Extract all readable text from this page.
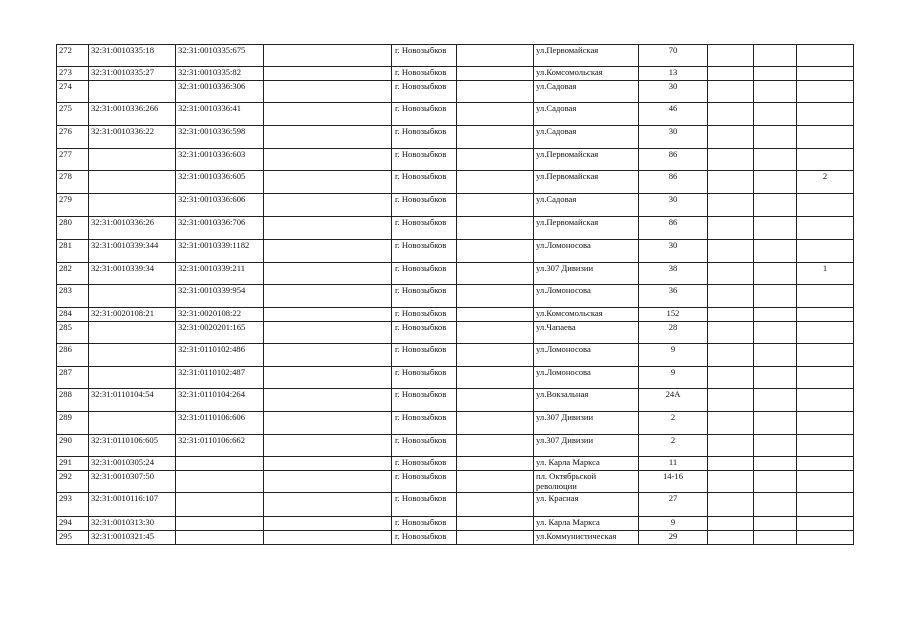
272	32:31:0010335:18	32:31:0010335:675		г. Новозыбков		ул.Первомайская	70			
273	32:31:0010335:27	32:31:0010335:82		г. Новозыбков		ул.Комсомольская	13			
274		32:31:0010336:306		г. Новозыбков		ул.Садовая	30			
275	32:31:0010336:266	32:31:0010336:41		г. Новозыбков		ул.Садовая	46			
276	32:31:0010336:22	32:31:0010336:598		г. Новозыбков		ул.Садовая	30			
277		32:31:0010336:603		г. Новозыбков		ул.Первомайская	86			
278		32:31:0010336:605		г. Новозыбков		ул.Первомайская	86			2
279		32:31:0010336:606		г. Новозыбков		ул.Садовая	30			
280	32:31:0010336:26	32:31:0010336:706		г. Новозыбков		ул.Первомайская	86			
281	32:31:0010339:344	32:31:0010339:1182		г. Новозыбков		ул.Ломоносова	30			
282	32:31:0010339:34	32:31:0010339:211		г. Новозыбков		ул.307 Дивизии	38			1
283		32:31:0010339:954		г. Новозыбков		ул.Ломоносова	36			
284	32:31:0020108:21	32:31:0020108:22		г. Новозыбков		ул.Комсомольская	152			
285		32:31:0020201:165		г. Новозыбков		ул.Чапаева	28			
286		32:31:0110102:486		г. Новозыбков		ул.Ломоносова	9			
287		32:31:0110102:487		г. Новозыбков		ул.Ломоносова	9			
288	32:31:0110104:54	32:31:0110104:264		г. Новозыбков		ул.Вокзальная	24А			
289		32:31:0110106:606		г. Новозыбков		ул.307 Дивизии	2			
290	32:31:0110106:605	32:31:0110106:662		г. Новозыбков		ул.307 Дивизии	2			
291	32:31:0010305:24			г. Новозыбков		ул. Карла Маркса	11			
292	32:31:0010307:50			г. Новозыбков		пл. Октябрьской революции	14-16			
293	32:31:0010116:107			г. Новозыбков		ул. Красная	27			
294	32:31:0010313:30			г. Новозыбков		ул. Карла Маркса	9			
295	32:31:0010321:45			г. Новозыбков		ул.Коммунистическая	29			
